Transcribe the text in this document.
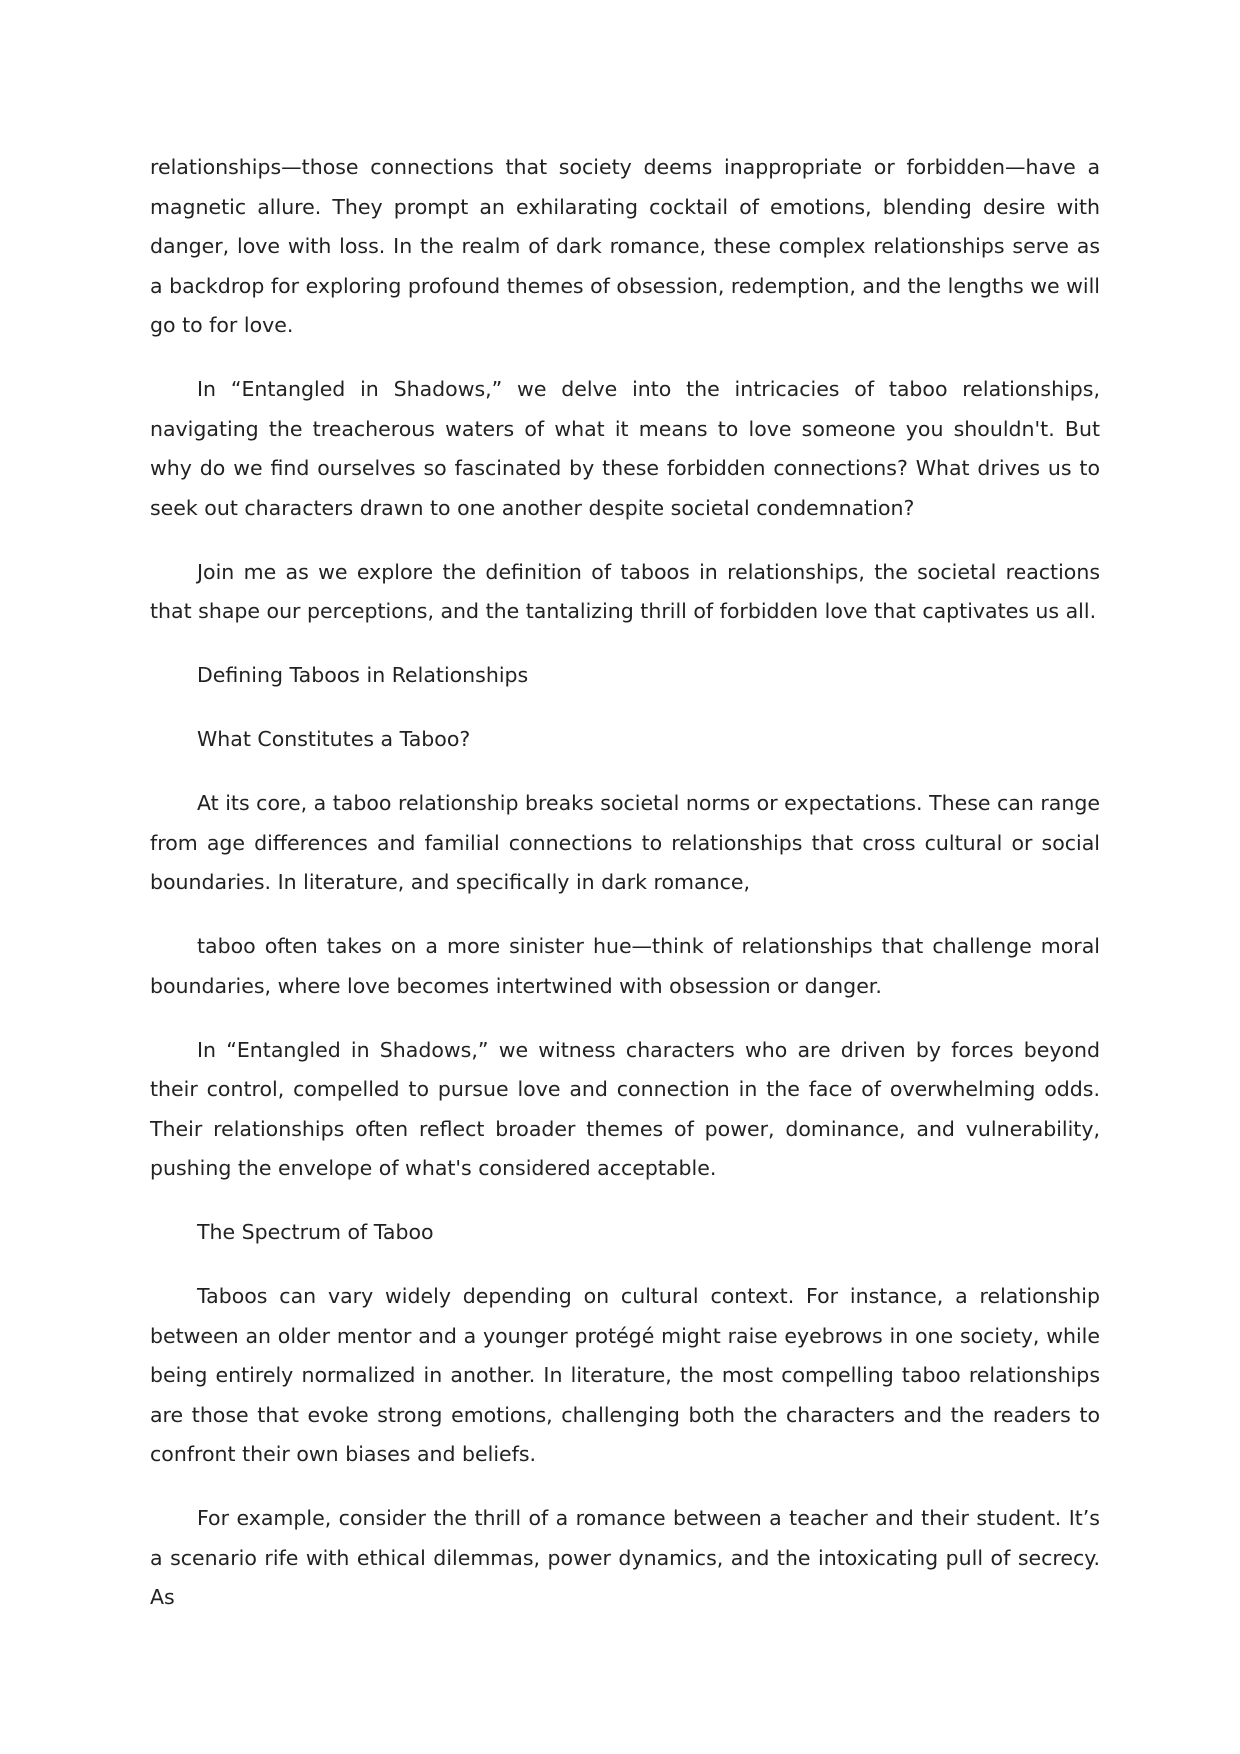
relationships—those connections that society deems inappropriate or forbidden—have a magnetic allure. They prompt an exhilarating cocktail of emotions, blending desire with danger, love with loss. In the realm of dark romance, these complex relationships serve as a backdrop for exploring profound themes of obsession, redemption, and the lengths we will go to for love.

In “Entangled in Shadows,” we delve into the intricacies of taboo relationships, navigating the treacherous waters of what it means to love someone you shouldn't. But why do we find ourselves so fascinated by these forbidden connections? What drives us to seek out characters drawn to one another despite societal condemnation?

Join me as we explore the definition of taboos in relationships, the societal reactions that shape our perceptions, and the tantalizing thrill of forbidden love that captivates us all.

Defining Taboos in Relationships

What Constitutes a Taboo?

At its core, a taboo relationship breaks societal norms or expectations. These can range from age differences and familial connections to relationships that cross cultural or social boundaries. In literature, and specifically in dark romance,

taboo often takes on a more sinister hue—think of relationships that challenge moral boundaries, where love becomes intertwined with obsession or danger.

In “Entangled in Shadows,” we witness characters who are driven by forces beyond their control, compelled to pursue love and connection in the face of overwhelming odds. Their relationships often reflect broader themes of power, dominance, and vulnerability, pushing the envelope of what's considered acceptable.

The Spectrum of Taboo

Taboos can vary widely depending on cultural context. For instance, a relationship between an older mentor and a younger protégé might raise eyebrows in one society, while being entirely normalized in another. In literature, the most compelling taboo relationships are those that evoke strong emotions, challenging both the characters and the readers to confront their own biases and beliefs.

For example, consider the thrill of a romance between a teacher and their student. It’s a scenario rife with ethical dilemmas, power dynamics, and the intoxicating pull of secrecy. As
